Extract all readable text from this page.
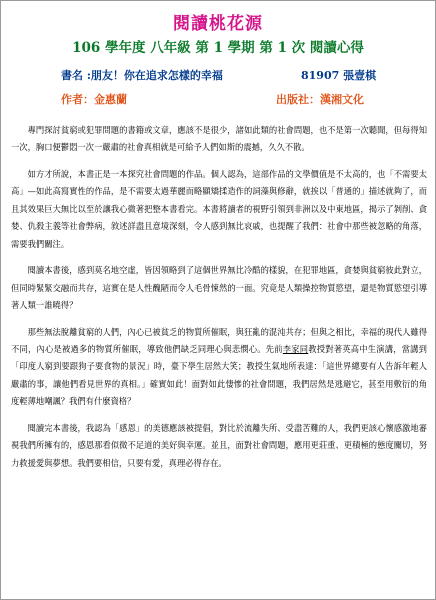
閱讀桃花源
106 學年度 八年級 第 1 學期 第 1 次 閱讀心得
書名 :朋友！你在追求怎樣的幸福	81907 張壹棋
作者：金惠蘭	出版社：漢湘文化

專門探討貧窮或犯罪問題的書籍或文章，應該不是很少，諸如此類的社會問題，也不是第一次聽聞，但每得知一次，胸口便鬱悶一次一嚴肅的社會真相就是可給予人們如斯的震撼，久久不散。

如方才所說，本書正是一本探究社會問題的作品。個人認為，這部作品的文學價值是不太高的，也「不需要太高」—如此高寫實性的作品，是不需要太過華麗而略顯矯揉造作的詞藻與修辭，就挨以「普通的」描述就夠了，而且其效果巨大無比以至於讓我心微著把整本書看完。本書將讀者的視野引領到非洲以及中東地區，揭示了剝削、貪婪、仇殺主義等社會弊病，敘述詳盡且意境深刻，令人感到無比哀戚，也提醒了我們：社會中那些被忽略的角落，需要我們關注。

閱讀本書後，感到莫名地空虛，皆因領略到了這個世界無比冷酷的樣貌，在犯罪地區，貪婪與貧窮彼此對立，但同時緊緊交融而共存，這實在是人性醜陋而令人毛骨悚然的一面。究竟是人類操控物質慾望，還是物質慾望引導著人類一誰曉得？

那些無法脫離貧窮的人們，內心已被貧乏的物質所催眠，與狂亂的混沌共存；但與之相比，幸福的現代人雖得不同，內心是被過多的物質所催眠，導致他們缺乏同理心與悲憫心。先前李家同教授對著英高中生演講，當講到「印度人窮到要跟狗子要食物的景況」時，臺下學生居然大笑；教授生氣地所表達：「這世界總要有人告訴年輕人嚴肅的事，讓他們看見世界的真相。」確實如此！面對如此悽慘的社會問題，我們居然是逃避它，甚至用敷衍的角度輕薄地嘲諷？我們有什麼資格？

閱讀完本書後，我認為「感恩」的美德應該被提倡，對比於流離失所、受盡苦難的人，我們更該心懷感激地審視我們所擁有的，感恩那看似微不足道的美好與幸運。並且，面對社會問題，應用更莊重、更積極的態度關切，努力救援愛與夢想。我們要相信，只要有愛，真理必得存在。
